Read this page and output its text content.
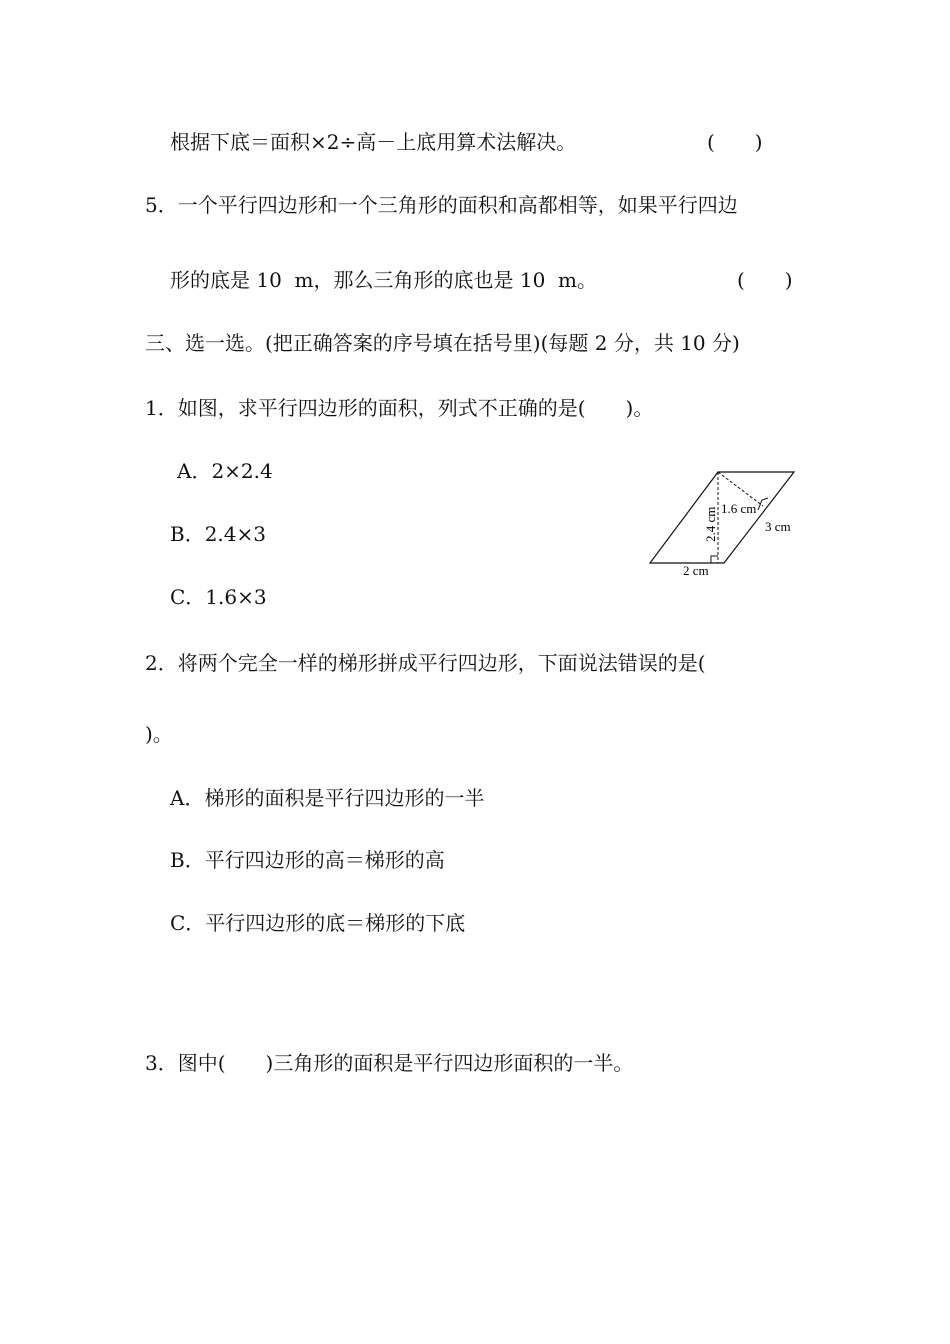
根据下底＝面积×2÷高－上底用算术法解决。	(　　)
5．一个平行四边形和一个三角形的面积和高都相等，如果平行四边
形的底是 10  m，那么三角形的底也是 10  m。	(　　)
三、选一选。(把正确答案的序号填在括号里)(每题 2 分，共 10 分)
1．如图，求平行四边形的面积，列式不正确的是(　　)。
A．2×2.4
B．2.4×3
C．1.6×3
2.4 cm 1.6 cm
3 cm
2 cm
2．将两个完全一样的梯形拼成平行四边形，下面说法错误的是(
)。
A．梯形的面积是平行四边形的一半
B．平行四边形的高＝梯形的高
C．平行四边形的底＝梯形的下底
3．图中(　　)三角形的面积是平行四边形面积的一半。
